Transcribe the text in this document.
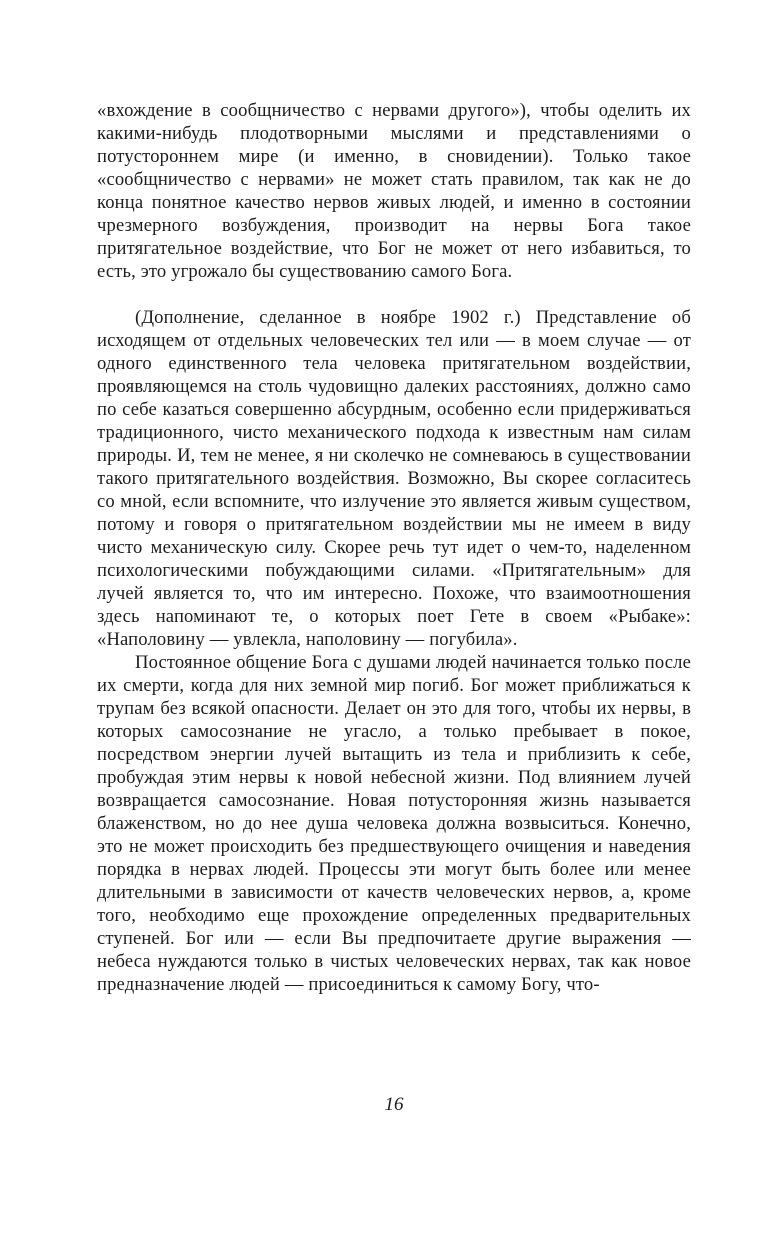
«вхождение в сообщничество с нервами другого»), чтобы оделить их какими-нибудь плодотворными мыслями и представлениями о потустороннем мире (и именно, в сновидении). Только такое «сообщничество с нервами» не может стать правилом, так как не до конца понятное качество нервов живых людей, и именно в состоянии чрезмерного возбуждения, производит на нервы Бога такое притягательное воздействие, что Бог не может от него избавиться, то есть, это угрожало бы существованию самого Бога.

(Дополнение, сделанное в ноябре 1902 г.) Представление об исходящем от отдельных человеческих тел или — в моем случае — от одного единственного тела человека притягательном воздействии, проявляющемся на столь чудовищно далеких расстояниях, должно само по себе казаться совершенно абсурдным, особенно если придерживаться традиционного, чисто механического подхода к известным нам силам природы. И, тем не менее, я ни сколечко не сомневаюсь в существовании такого притягательного воздействия. Возможно, Вы скорее согласитесь со мной, если вспомните, что излучение это является живым существом, потому и говоря о притягательном воздействии мы не имеем в виду чисто механическую силу. Скорее речь тут идет о чем-то, наделенном психологическими побуждающими силами. «Притягательным» для лучей является то, что им интересно. Похоже, что взаимоотношения здесь напоминают те, о которых поет Гете в своем «Рыбаке»: «Наполовину — увлекла, наполовину — погубила».

Постоянное общение Бога с душами людей начинается только после их смерти, когда для них земной мир погиб. Бог может приближаться к трупам без всякой опасности. Делает он это для того, чтобы их нервы, в которых самосознание не угасло, а только пребывает в покое, посредством энергии лучей вытащить из тела и приблизить к себе, пробуждая этим нервы к новой небесной жизни. Под влиянием лучей возвращается самосознание. Новая потусторонняя жизнь называется блаженством, но до нее душа человека должна возвыситься. Конечно, это не может происходить без предшествующего очищения и наведения порядка в нервах людей. Процессы эти могут быть более или менее длительными в зависимости от качеств человеческих нервов, а, кроме того, необходимо еще прохождение определенных предварительных ступеней. Бог или — если Вы предпочитаете другие выражения — небеса нуждаются только в чистых человеческих нервах, так как новое предназначение людей — присоединиться к самому Богу, что-

16
